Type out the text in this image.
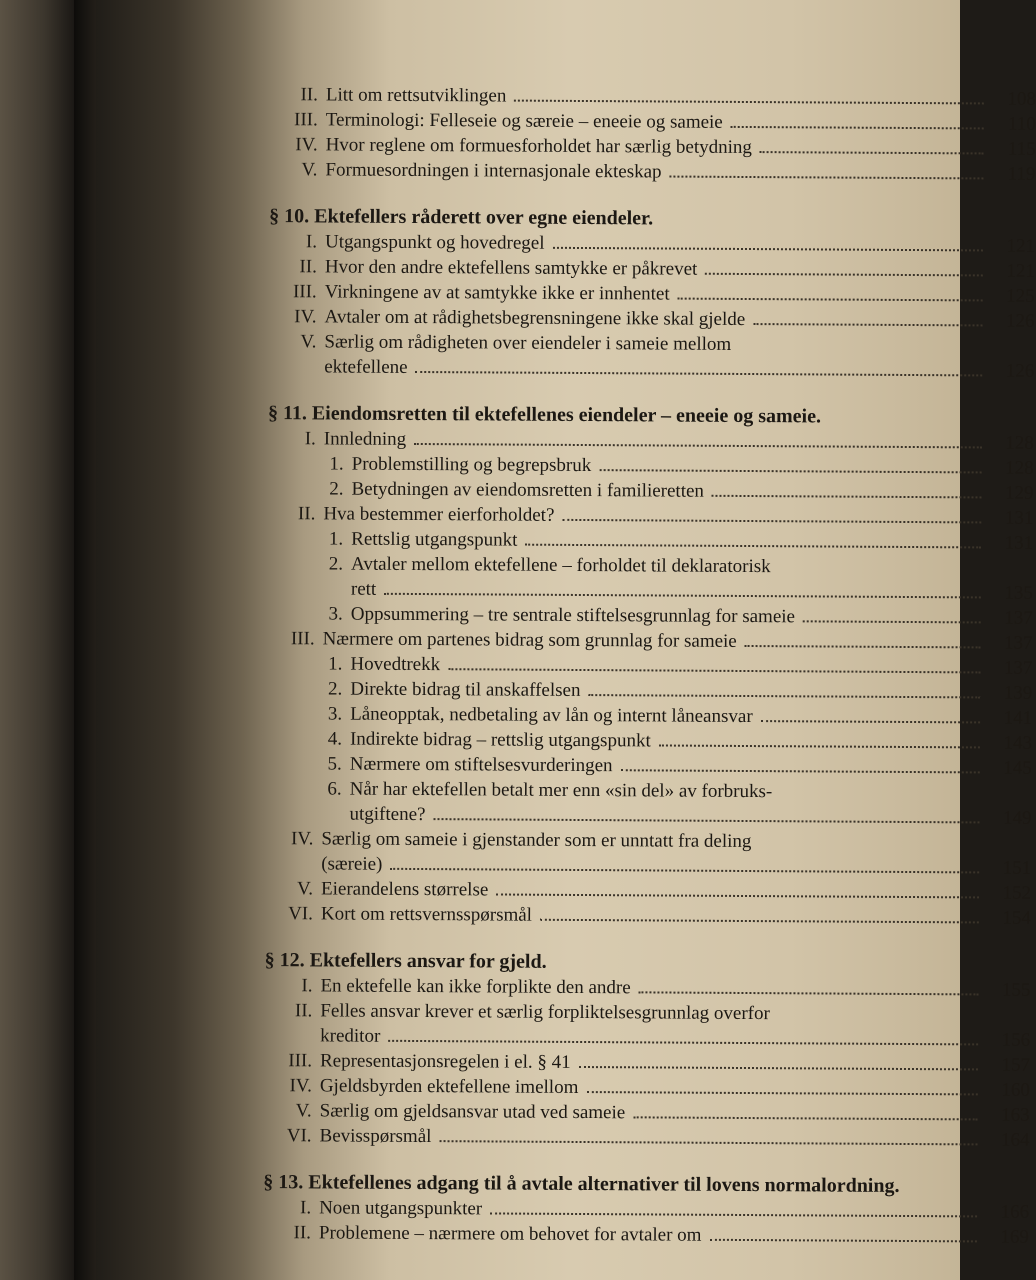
II. Litt om rettsutviklingen	108
III. Terminologi: Felleseie og særeie – eneeie og sameie	110
IV. Hvor reglene om formuesforholdet har særlig betydning	115
V. Formuesordningen i internasjonale ekteskap	119
§ 10. Ektefellers råderett over egne eiendeler.
I. Utgangspunkt og hovedregel	121
II. Hvor den andre ektefellens samtykke er påkrevet	121
III. Virkningene av at samtykke ikke er innhentet	125
IV. Avtaler om at rådighetsbegrensningene ikke skal gjelde	126
V. Særlig om rådigheten over eiendeler i sameie mellom
ektefellene	126
§ 11. Eiendomsretten til ektefellenes eiendeler – eneeie og sameie.
I. Innledning	128
1. Problemstilling og begrepsbruk	128
2. Betydningen av eiendomsretten i familieretten	129
II. Hva bestemmer eierforholdet?	131
1. Rettslig utgangspunkt	131
2. Avtaler mellom ektefellene – forholdet til deklaratorisk
rett	135
3. Oppsummering – tre sentrale stiftelsesgrunnlag for sameie	137
III. Nærmere om partenes bidrag som grunnlag for sameie	137
1. Hovedtrekk	137
2. Direkte bidrag til anskaffelsen	139
3. Låneopptak, nedbetaling av lån og internt låneansvar	141
4. Indirekte bidrag – rettslig utgangspunkt	143
5. Nærmere om stiftelsesvurderingen	145
6. Når har ektefellen betalt mer enn «sin del» av forbruks-
utgiftene?	149
IV. Særlig om sameie i gjenstander som er unntatt fra deling
(særeie)	151
V. Eierandelens størrelse	152
VI. Kort om rettsvernsspørsmål	154
§ 12. Ektefellers ansvar for gjeld.
I. En ektefelle kan ikke forplikte den andre	155
II. Felles ansvar krever et særlig forpliktelsesgrunnlag overfor
kreditor	156
III. Representasjonsregelen i el. § 41	157
IV. Gjeldsbyrden ektefellene imellom	160
V. Særlig om gjeldsansvar utad ved sameie	163
VI. Bevisspørsmål	164
§ 13. Ektefellenes adgang til å avtale alternativer til lovens normalordning.
I. Noen utgangspunkter	166
II. Problemene – nærmere om behovet for avtaler om	169
